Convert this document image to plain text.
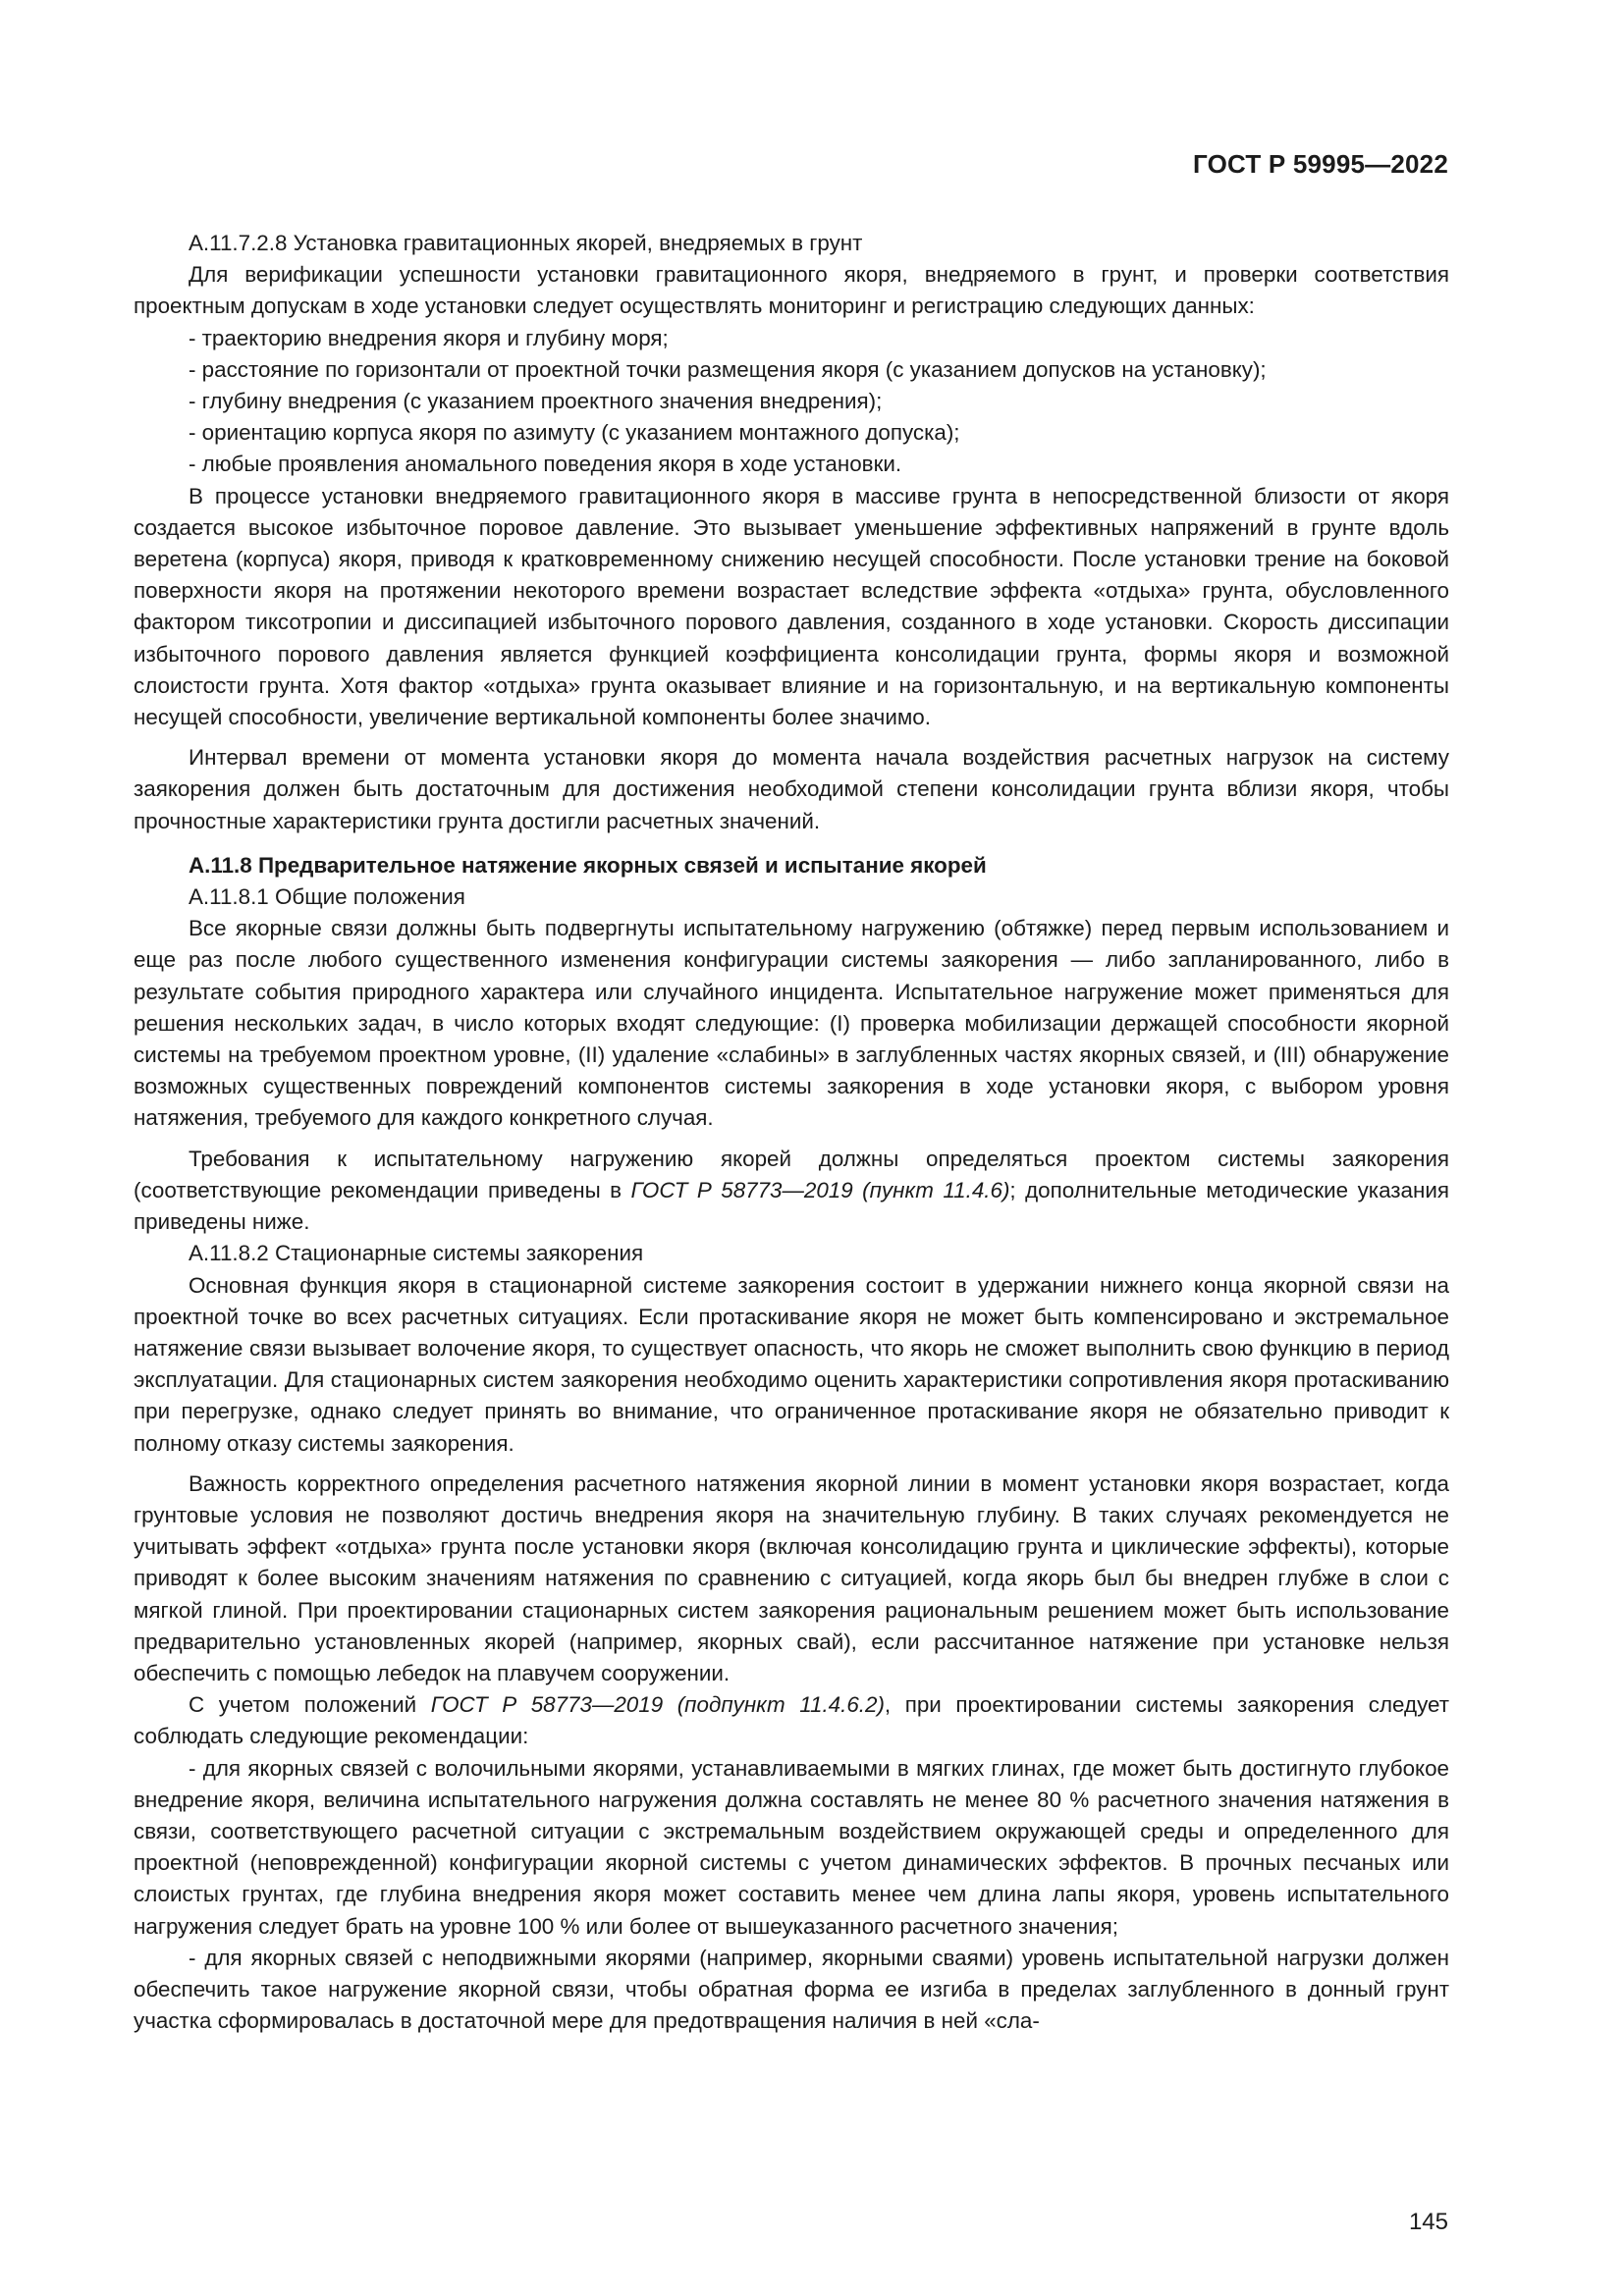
ГОСТ Р 59995—2022

А.11.7.2.8 Установка гравитационных якорей, внедряемых в грунт

Для верификации успешности установки гравитационного якоря, внедряемого в грунт, и проверки соответствия проектным допускам в ходе установки следует осуществлять мониторинг и регистрацию следующих данных:

- траекторию внедрения якоря и глубину моря;
- расстояние по горизонтали от проектной точки размещения якоря (с указанием допусков на установку);
- глубину внедрения (с указанием проектного значения внедрения);
- ориентацию корпуса якоря по азимуту (с указанием монтажного допуска);
- любые проявления аномального поведения якоря в ходе установки.

В процессе установки внедряемого гравитационного якоря в массиве грунта в непосредственной близости от якоря создается высокое избыточное поровое давление. Это вызывает уменьшение эффективных напряжений в грунте вдоль веретена (корпуса) якоря, приводя к кратковременному снижению несущей способности. После установки трение на боковой поверхности якоря на протяжении некоторого времени возрастает вследствие эффекта «отдыха» грунта, обусловленного фактором тиксотропии и диссипацией избыточного порового давления, созданного в ходе установки. Скорость диссипации избыточного порового давления является функцией коэффициента консолидации грунта, формы якоря и возможной слоистости грунта. Хотя фактор «отдыха» грунта оказывает влияние и на горизонтальную, и на вертикальную компоненты несущей способности, увеличение вертикальной компоненты более значимо.

Интервал времени от момента установки якоря до момента начала воздействия расчетных нагрузок на систему заякорения должен быть достаточным для достижения необходимой степени консолидации грунта вблизи якоря, чтобы прочностные характеристики грунта достигли расчетных значений.

А.11.8 Предварительное натяжение якорных связей и испытание якорей

А.11.8.1 Общие положения

Все якорные связи должны быть подвергнуты испытательному нагружению (обтяжке) перед первым использованием и еще раз после любого существенного изменения конфигурации системы заякорения — либо запланированного, либо в результате события природного характера или случайного инцидента. Испытательное нагружение может применяться для решения нескольких задач, в число которых входят следующие: (I) проверка мобилизации держащей способности якорной системы на требуемом проектном уровне, (II) удаление «слабины» в заглубленных частях якорных связей, и (III) обнаружение возможных существенных повреждений компонентов системы заякорения в ходе установки якоря, с выбором уровня натяжения, требуемого для каждого конкретного случая.

Требования к испытательному нагружению якорей должны определяться проектом системы заякорения (соответствующие рекомендации приведены в ГОСТ Р 58773—2019 (пункт 11.4.6); дополнительные методические указания приведены ниже.

А.11.8.2 Стационарные системы заякорения

Основная функция якоря в стационарной системе заякорения состоит в удержании нижнего конца якорной связи на проектной точке во всех расчетных ситуациях. Если протаскивание якоря не может быть компенсировано и экстремальное натяжение связи вызывает волочение якоря, то существует опасность, что якорь не сможет выполнить свою функцию в период эксплуатации. Для стационарных систем заякорения необходимо оценить характеристики сопротивления якоря протаскиванию при перегрузке, однако следует принять во внимание, что ограниченное протаскивание якоря не обязательно приводит к полному отказу системы заякорения.

Важность корректного определения расчетного натяжения якорной линии в момент установки якоря возрастает, когда грунтовые условия не позволяют достичь внедрения якоря на значительную глубину. В таких случаях рекомендуется не учитывать эффект «отдыха» грунта после установки якоря (включая консолидацию грунта и циклические эффекты), которые приводят к более высоким значениям натяжения по сравнению с ситуацией, когда якорь был бы внедрен глубже в слои с мягкой глиной. При проектировании стационарных систем заякорения рациональным решением может быть использование предварительно установленных якорей (например, якорных свай), если рассчитанное натяжение при установке нельзя обеспечить с помощью лебедок на плавучем сооружении.

С учетом положений ГОСТ Р 58773—2019 (подпункт 11.4.6.2), при проектировании системы заякорения следует соблюдать следующие рекомендации:

- для якорных связей с волочильными якорями, устанавливаемыми в мягких глинах, где может быть достигнуто глубокое внедрение якоря, величина испытательного нагружения должна составлять не менее 80 % расчетного значения натяжения в связи, соответствующего расчетной ситуации с экстремальным воздействием окружающей среды и определенного для проектной (неповрежденной) конфигурации якорной системы с учетом динамических эффектов. В прочных песчаных или слоистых грунтах, где глубина внедрения якоря может составить менее чем длина лапы якоря, уровень испытательного нагружения следует брать на уровне 100 % или более от вышеуказанного расчетного значения;

- для якорных связей с неподвижными якорями (например, якорными сваями) уровень испытательной нагрузки должен обеспечить такое нагружение якорной связи, чтобы обратная форма ее изгиба в пределах заглубленного в донный грунт участка сформировалась в достаточной мере для предотвращения наличия в ней «сла-

145
